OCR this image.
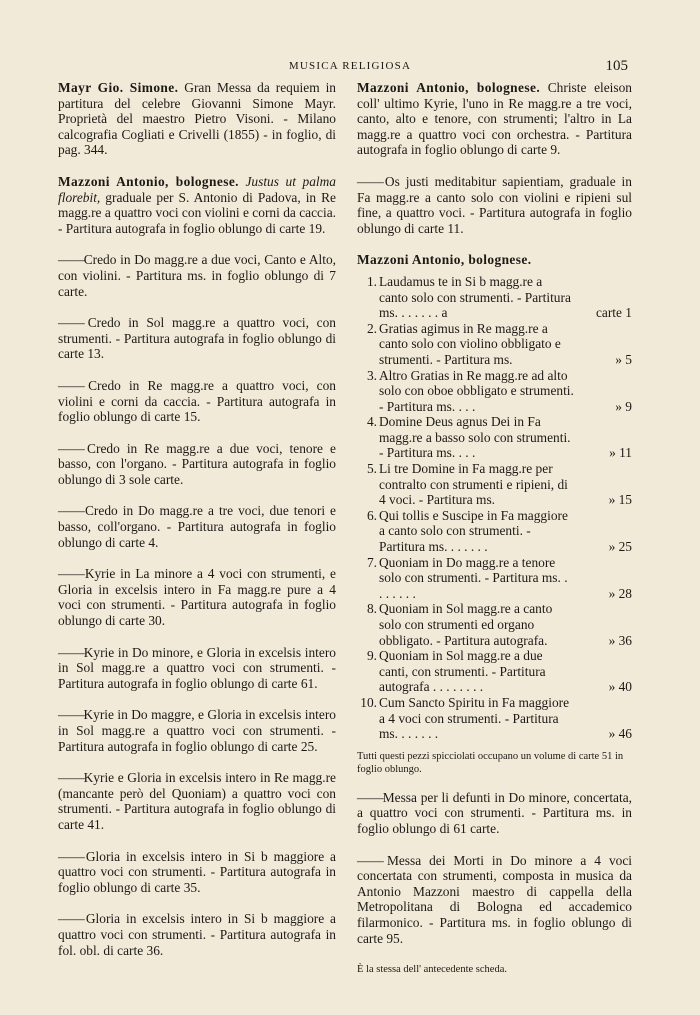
MUSICA RELIGIOSA	105
Mayr Gio. Simone. Gran Messa da requiem in partitura del celebre Giovanni Simone Mayr. Proprietà del maestro Pietro Visoni. - Milano calcografia Cogliati e Crivelli (1855) - in foglio, di pag. 344.
Mazzoni Antonio, bolognese. Justus ut palma florebit, graduale per S. Antonio di Padova, in Re magg.re a quattro voci con violini e corni da caccia. - Partitura autografa in foglio oblungo di carte 19.
—— Credo in Do magg.re a due voci, Canto e Alto, con violini. - Partitura ms. in foglio oblungo di 7 carte.
—— Credo in Sol magg.re a quattro voci, con strumenti. - Partitura autografa in foglio oblungo di carte 13.
—— Credo in Re magg.re a quattro voci, con violini e corni da caccia. - Partitura autografa in foglio oblungo di carte 15.
—— Credo in Re magg.re a due voci, tenore e basso, con l'organo. - Partitura autografa in foglio oblungo di 3 sole carte.
—— Credo in Do magg.re a tre voci, due tenori e basso, coll'organo. - Partitura autografa in foglio oblungo di carte 4.
—— Kyrie in La minore a 4 voci con strumenti, e Gloria in excelsis intero in Fa magg.re pure a 4 voci con strumenti. - Partitura autografa in foglio oblungo di carte 30.
—— Kyrie in Do minore, e Gloria in excelsis intero in Sol magg.re a quattro voci con strumenti. - Partitura autografa in foglio oblungo di carte 61.
—— Kyrie in Do maggre, e Gloria in excelsis intero in Sol magg.re a quattro voci con strumenti. - Partitura autografa in foglio oblungo di carte 25.
—— Kyrie e Gloria in excelsis intero in Re magg.re (mancante però del Quoniam) a quattro voci con strumenti. - Partitura autografa in foglio oblungo di carte 41.
—— Gloria in excelsis intero in Si b maggiore a quattro voci con strumenti. - Partitura autografa in foglio oblungo di carte 35.
—— Gloria in excelsis intero in Si b maggiore a quattro voci con strumenti. - Partitura autografa in fol. obl. di carte 36.
Mazzoni Antonio, bolognese. Christe eleison coll' ultimo Kyrie, l'uno in Re magg.re a tre voci, canto, alto e tenore, con strumenti; l'altro in La magg.re a quattro voci con orchestra. - Partitura autografa in foglio oblungo di carte 9.
—— Os justi meditabitur sapientiam, graduale in Fa magg.re a canto solo con violini e ripieni sul fine, a quattro voci. - Partitura autografa in foglio oblungo di carte 11.
Mazzoni Antonio, bolognese.
1. Laudamus te in Si b magg.re a canto solo con strumenti. - Partitura ms. . . . . . . a	carte 1
2. Gratias agimus in Re magg.re a canto solo con violino obbligato e strumenti. - Partitura ms.	» 5
3. Altro Gratias in Re magg.re ad alto solo con oboe obbligato e strumenti. - Partitura ms. . . .	» 9
4. Domine Deus agnus Dei in Fa magg.re a basso solo con strumenti. - Partitura ms. . . .	» 11
5. Li tre Domine in Fa magg.re per contralto con strumenti e ripieni, di 4 voci. - Partitura ms.	» 15
6. Qui tollis e Suscipe in Fa maggiore a canto solo con strumenti. - Partitura ms. . . . . . .	» 25
7. Quoniam in Do magg.re a tenore solo con strumenti. - Partitura ms. . . . . . . .	» 28
8. Quoniam in Sol magg.re a canto solo con strumenti ed organo obbligato. - Partitura autografa.	» 36
9. Quoniam in Sol magg.re a due canti, con strumenti. - Partitura autografa . . . . . . . .	» 40
10. Cum Sancto Spiritu in Fa maggiore a 4 voci con strumenti. - Partitura ms. . . . . . .	» 46
Tutti questi pezzi spicciolati occupano un volume di carte 51 in foglio oblungo.
—— Messa per li defunti in Do minore, concertata, a quattro voci con strumenti. - Partitura ms. in foglio oblungo di 61 carte.
—— Messa dei Morti in Do minore a 4 voci concertata con strumenti, composta in musica da Antonio Mazzoni maestro di cappella della Metropolitana di Bologna ed accademico filarmonico. - Partitura ms. in foglio oblungo di carte 95.
È la stessa dell' antecedente scheda.
